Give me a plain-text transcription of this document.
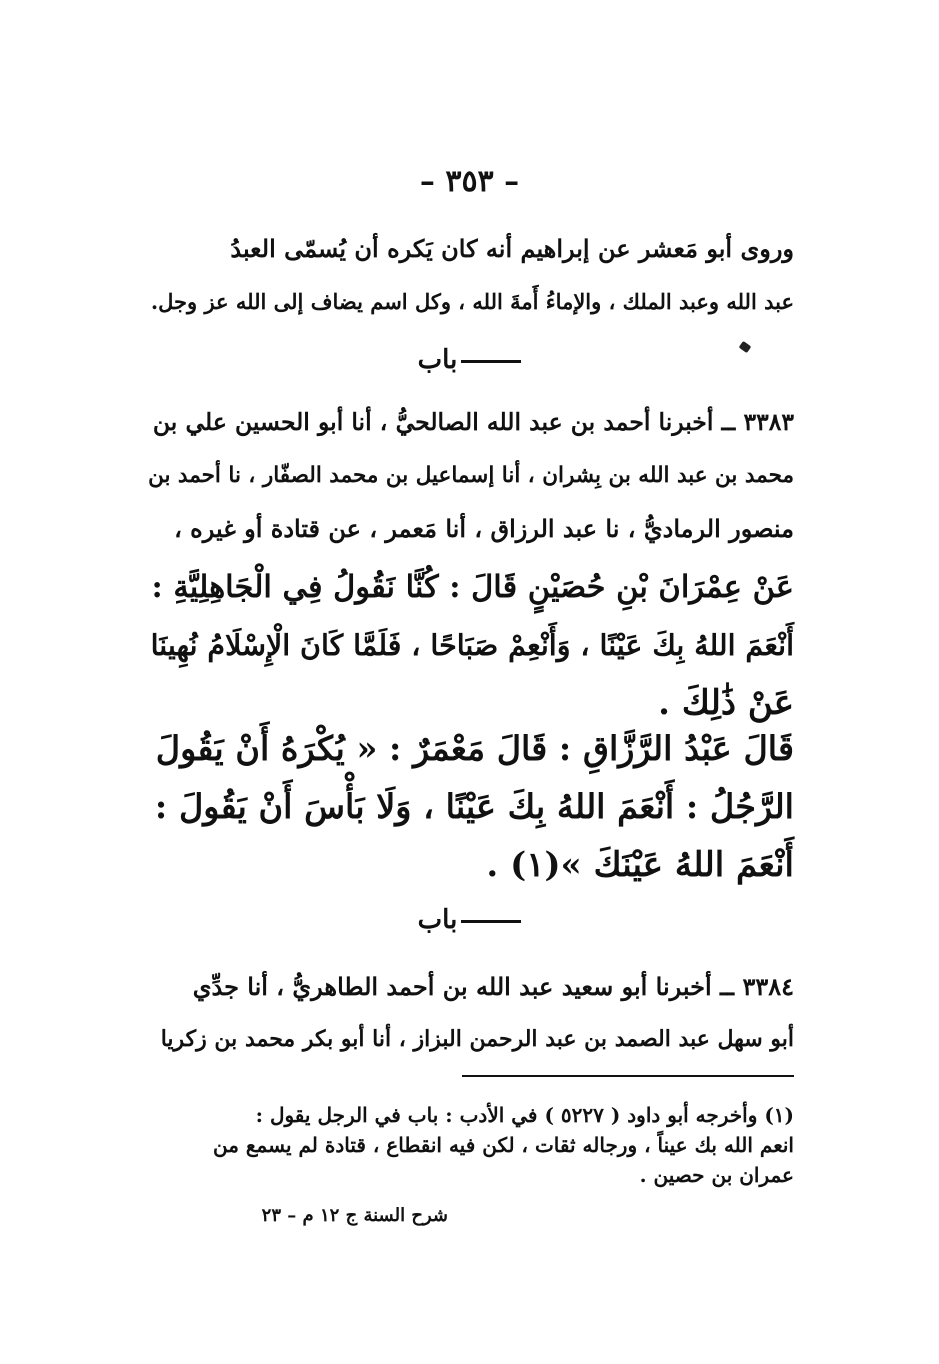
– ٣٥٣ –
وروى أبو مَعشر عن إبراهيم أنه كان يَكره أن يُسمّى العبدُ
عبد الله وعبد الملك ، والإماءُ أَمةَ الله ، وكل اسم يضاف إلى الله عز وجل.
باب
٣٣٨٣ ــ أخبرنا أحمد بن عبد الله الصالحيُّ ، أنا أبو الحسين علي بن
محمد بن عبد الله بن بِشران ، أنا إسماعيل بن محمد الصفّار ، نا أحمد بن
منصور الرماديُّ ، نا عبد الرزاق ، أنا مَعمر ، عن قتادة أو غيره ،
عَنْ عِمْرَانَ بْنِ حُصَيْنٍ قَالَ : كُنَّا نَقُولُ فِي الْجَاهِلِيَّةِ :
أَنْعَمَ اللهُ بِكَ عَيْنًا ، وَأَنْعِمْ صَبَاحًا ، فَلَمَّا كَانَ الْإِسْلَامُ نُهِينَا
عَنْ ذَٰلِكَ .
قَالَ عَبْدُ الرَّزَّاقِ : قَالَ مَعْمَرٌ : « يُكْرَهُ أَنْ يَقُولَ
الرَّجُلُ : أَنْعَمَ اللهُ بِكَ عَيْنًا ، وَلَا بَأْسَ أَنْ يَقُولَ :
أَنْعَمَ اللهُ عَيْنَكَ »(١) .
باب
٣٣٨٤ ــ أخبرنا أبو سعيد عبد الله بن أحمد الطاهريُّ ، أنا جدِّي
أبو سهل عبد الصمد بن عبد الرحمن البزاز ، أنا أبو بكر محمد بن زكريا
(١) وأخرجه أبو داود ( ٥٢٢٧ ) في الأدب : باب في الرجل يقول :
انعم الله بك عيناً ، ورجاله ثقات ، لكن فيه انقطاع ، قتادة لم يسمع من
عمران بن حصين .
شرح السنة ج ١٢ م – ٢٣
